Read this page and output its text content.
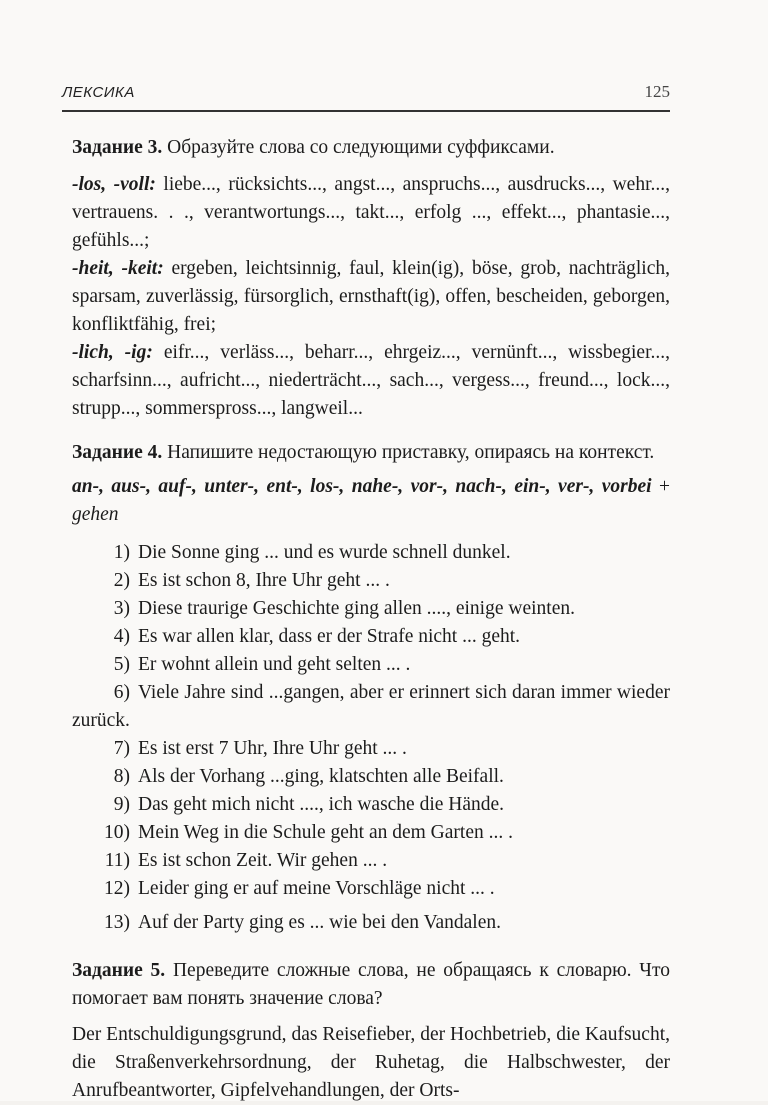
ЛЕКСИКА	125

Задание 3. Образуйте слова со следующими суффиксами.

-los, -voll: liebe..., rücksichts..., angst..., anspruchs..., ausdrucks..., wehr..., vertrauens. . ., verantwortungs..., takt..., erfolg ..., effekt..., phantasie..., gefühls...;

-heit, -keit: ergeben, leichtsinnig, faul, klein(ig), böse, grob, nachträglich, sparsam, zuverlässig, fürsorglich, ernsthaft(ig), offen, bescheiden, geborgen, konfliktfähig, frei;

-lich, -ig: eifr..., verläss..., beharr..., ehrgeiz..., vernünft..., wissbegier..., scharfsinn..., aufricht..., niederträcht..., sach..., vergess..., freund..., lock..., strupp..., sommerspross..., langweil...

Задание 4. Напишите недостающую приставку, опираясь на контекст.

an-, aus-, auf-, unter-, ent-, los-, nahe-, vor-, nach-, ein-, ver-, vorbei + gehen

1) Die Sonne ging ... und es wurde schnell dunkel.
2) Es ist schon 8, Ihre Uhr geht ... .
3) Diese traurige Geschichte ging allen ...., einige weinten.
4) Es war allen klar, dass er der Strafe nicht ... geht.
5) Er wohnt allein und geht selten ... .
6) Viele Jahre sind ...gangen, aber er erinnert sich daran immer wieder zurück.
7) Es ist erst 7 Uhr, Ihre Uhr geht ... .
8) Als der Vorhang ...ging, klatschten alle Beifall.
9) Das geht mich nicht ...., ich wasche die Hände.
10) Mein Weg in die Schule geht an dem Garten ... .
11) Es ist schon Zeit. Wir gehen ... .
12) Leider ging er auf meine Vorschläge nicht ... .
13) Auf der Party ging es ... wie bei den Vandalen.

Задание 5. Переведите сложные слова, не обращаясь к словарю. Что помогает вам понять значение слова?

Der Entschuldigungsgrund, das Reisefieber, der Hochbetrieb, die Kaufsucht, die Straßenverkehrsordnung, der Ruhetag, die Halbschwester, der Anrufbeantworter, Gipfelvehandlungen, der Orts-
